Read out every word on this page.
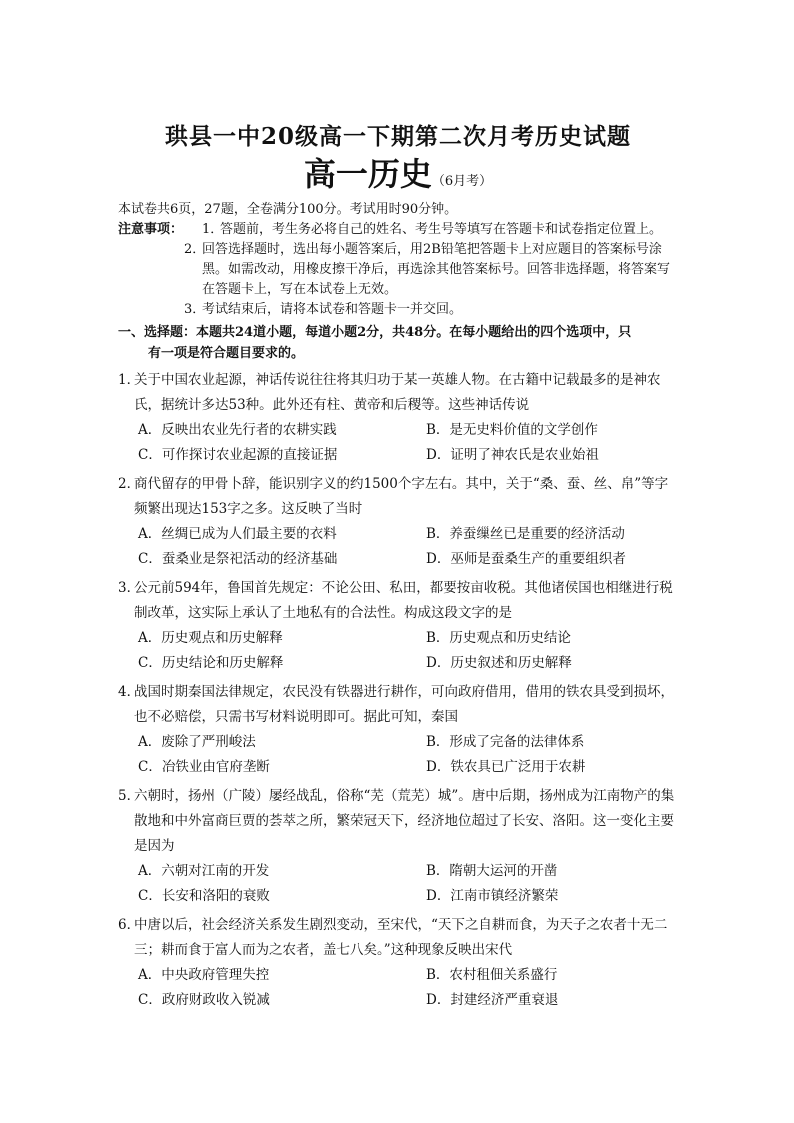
珙县一中20级高一下期第二次月考历史试题
高一历史（6月考）
本试卷共6页，27题，全卷满分100分。考试用时90分钟。
注意事项：	1．
答题前，考生务必将自己的姓名、考生号等填写在答题卡和试卷指定位置上。
2．
回答选择题时，选出每小题答案后，用2B铅笔把答题卡上对应题目的答案标号涂黑。如需改动，用橡皮擦干净后，再选涂其他答案标号。回答非选择题，将答案写在答题卡上，写在本试卷上无效。
3．
考试结束后，请将本试卷和答题卡一并交回。
一、选择题：本题共24道小题，每道小题2分，共48分。在每小题给出的四个选项中，只
有一项是符合题目要求的。
1．
关于中国农业起源，神话传说往往将其归功于某一英雄人物。在古籍中记载最多的是神农氏，据统计多达53种。此外还有柱、黄帝和后稷等。这些神话传说
A．反映出农业先行者的农耕实践	B．是无史料价值的文学创作
C．可作探讨农业起源的直接证据	D．证明了神农氏是农业始祖
2．
商代留存的甲骨卜辞，能识别字义的约1500个字左右。其中，关于“桑、蚕、丝、帛”等字频繁出现达153字之多。这反映了当时
A．丝绸已成为人们最主要的衣料	B．养蚕缫丝已是重要的经济活动
C．蚕桑业是祭祀活动的经济基础	D．巫师是蚕桑生产的重要组织者
3．
公元前594年，鲁国首先规定：不论公田、私田，都要按亩收税。其他诸侯国也相继进行税制改革，这实际上承认了土地私有的合法性。构成这段文字的是
A．历史观点和历史解释	B．历史观点和历史结论
C．历史结论和历史解释	D．历史叙述和历史解释
4．
战国时期秦国法律规定，农民没有铁器进行耕作，可向政府借用，借用的铁农具受到损坏，也不必赔偿，只需书写材料说明即可。据此可知，秦国
A．废除了严刑峻法	B．形成了完备的法律体系
C．冶铁业由官府垄断	D．铁农具已广泛用于农耕
5．
六朝时，扬州（广陵）屡经战乱，俗称“芜（荒芜）城”。唐中后期，扬州成为江南物产的集散地和中外富商巨贾的荟萃之所，繁荣冠天下，经济地位超过了长安、洛阳。这一变化主要是因为
A．六朝对江南的开发	B．隋朝大运河的开凿
C．长安和洛阳的衰败	D．江南市镇经济繁荣
6．
中唐以后，社会经济关系发生剧烈变动，至宋代，“天下之自耕而食，为天子之农者十无二三；耕而食于富人而为之农者，盖七八矣。”这种现象反映出宋代
A．中央政府管理失控	B．农村租佃关系盛行
C．政府财政收入锐减	D．封建经济严重衰退
